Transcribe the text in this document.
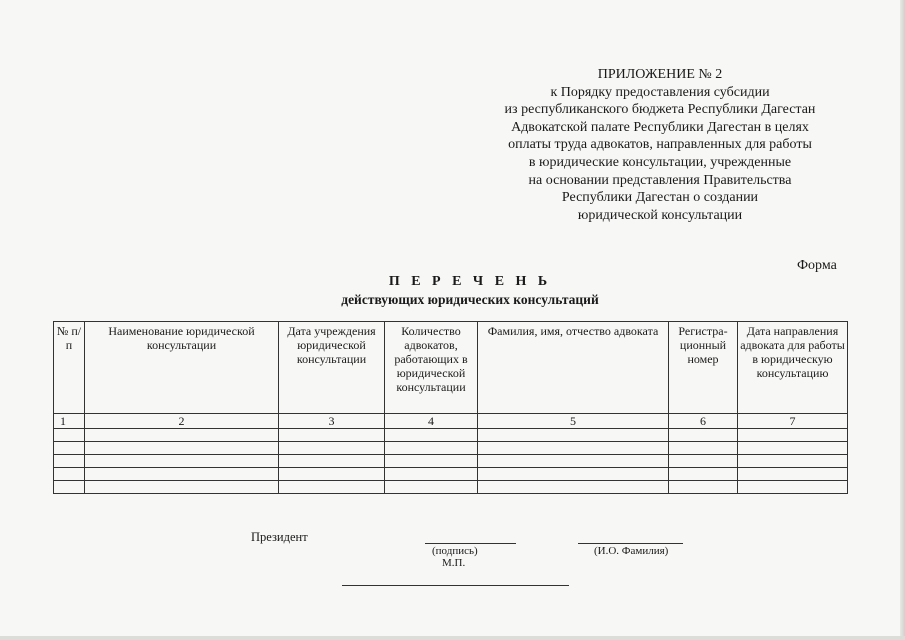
ПРИЛОЖЕНИЕ № 2
к Порядку предоставления субсидии
из республиканского бюджета Республики Дагестан
Адвокатской палате Республики Дагестан в целях
оплаты труда адвокатов, направленных для работы
в юридические консультации, учрежденные
на основании представления Правительства
Республики Дагестан о создании
юридической консультации
Форма
П Е Р Е Ч Е Н Ь
действующих юридических консультаций
№ п/п	Наименование юридической консультации	Дата учреждения юридической консультации	Количество адвокатов, работающих в юридической консультации	Фамилия, имя, отчество адвоката	Регистра-ционный номер	Дата направления адвоката для работы в юридическую консультацию
1	2	3	4	5	6	7

Президент
(подпись)
М.П.
(И.О. Фамилия)
